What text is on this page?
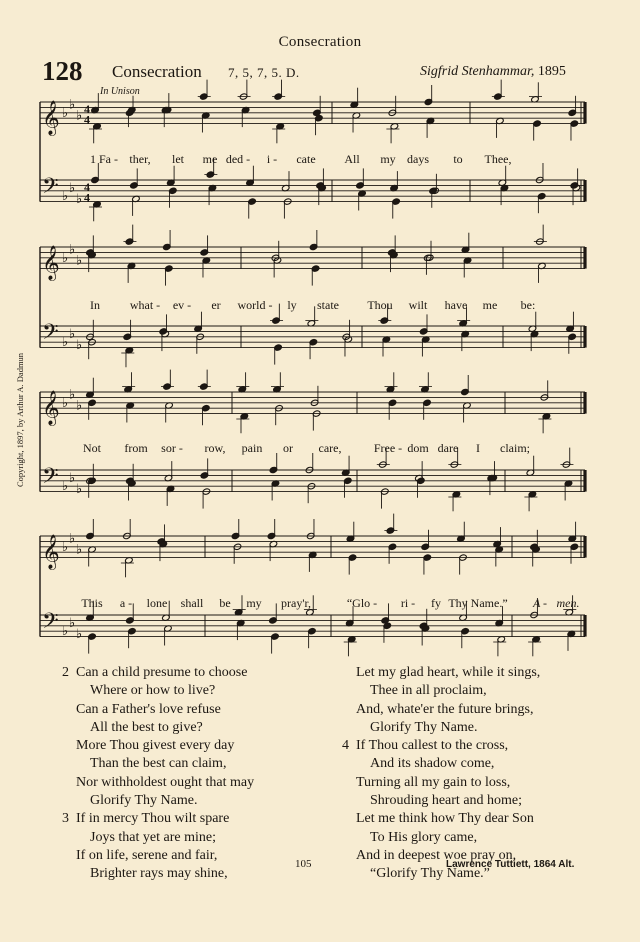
Consecration
128 Consecration 7, 5, 7, 5. D.	Sigfrid Stenhammar, 1895
In Unison
Copyright, 1897, by Arthur A. Dadmun
𝄞 ♭
♭
♭ 4
4
𝄢 ♭
♭
♭
4
4
𝄞 ♭
♭
♭
𝄢 ♭
♭
♭
𝄞 ♭
♭
♭
𝄢 ♭
♭
♭
𝄞 ♭
♭
♭
𝄢 ♭
♭
♭
1 Fa - ther, let me ded - i - cate All my days to Thee,
In what - ev - er world - ly state Thou wilt have me be:
Not from sor - row, pain or care,	Free - dom dare I claim;
This a - lone shall be my pray'r,	“Glo - ri - fy Thy Name.” A - men.
2 Can a child presume to choose
Where or how to live?
Can a Father's love refuse
All the best to give?
More Thou givest every day
Than the best can claim,
Nor withholdest ought that may
Glorify Thy Name.
3 If in mercy Thou wilt spare
Joys that yet are mine;
If on life, serene and fair,
Brighter rays may shine,
Let my glad heart, while it sings,
Thee in all proclaim,
And, whate'er the future brings,
Glorify Thy Name.
4 If Thou callest to the cross,
And its shadow come,
Turning all my gain to loss,
Shrouding heart and home;
Let me think how Thy dear Son
To His glory came,
And in deepest woe pray on,
“Glorify Thy Name.”
105	Lawrence Tuttiett, 1864 Alt.
